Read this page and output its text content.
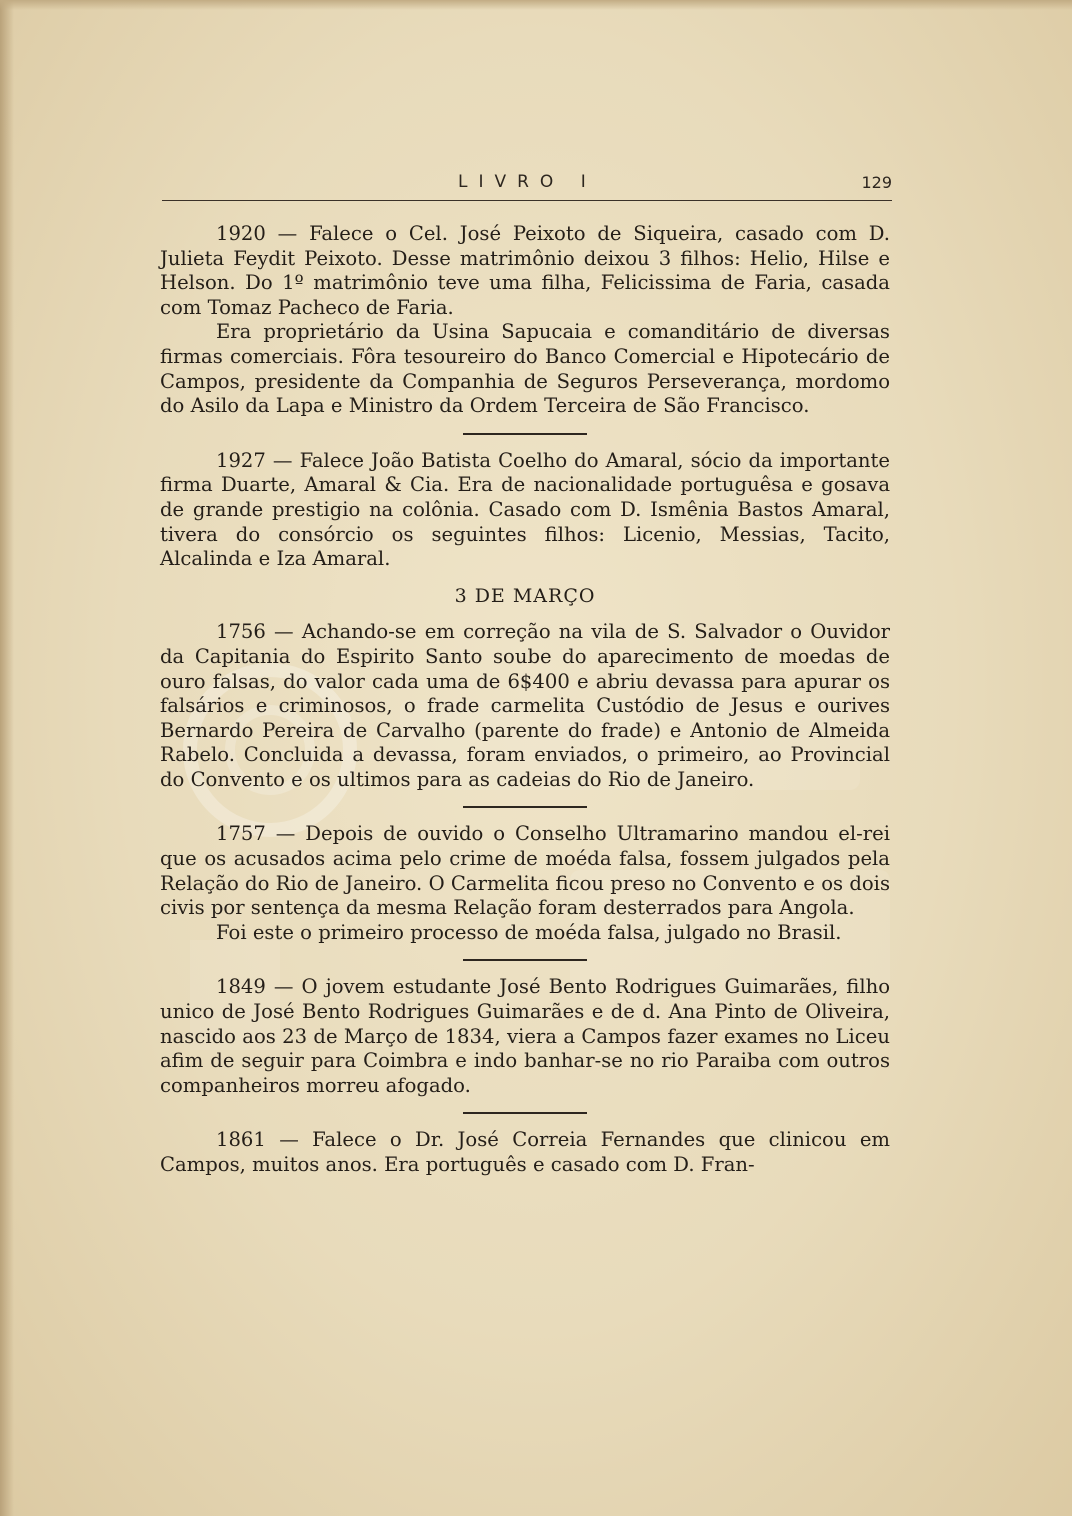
LIVRO I	129

1920 — Falece o Cel. José Peixoto de Siqueira, casado com D. Julieta Feydit Peixoto. Desse matrimônio deixou 3 filhos: Helio, Hilse e Helson. Do 1º matrimônio teve uma filha, Felicissima de Faria, casada com Tomaz Pacheco de Faria.

Era proprietário da Usina Sapucaia e comanditário de diversas firmas comerciais. Fôra tesoureiro do Banco Comercial e Hipotecário de Campos, presidente da Companhia de Seguros Perseverança, mordomo do Asilo da Lapa e Ministro da Ordem Terceira de São Francisco.

1927 — Falece João Batista Coelho do Amaral, sócio da importante firma Duarte, Amaral & Cia. Era de nacionalidade portuguêsa e gosava de grande prestigio na colônia. Casado com D. Ismênia Bastos Amaral, tivera do consórcio os seguintes filhos: Licenio, Messias, Tacito, Alcalinda e Iza Amaral.

3 DE MARÇO

1756 — Achando-se em correção na vila de S. Salvador o Ouvidor da Capitania do Espirito Santo soube do aparecimento de moedas de ouro falsas, do valor cada uma de 6$400 e abriu devassa para apurar os falsários e criminosos, o frade carmelita Custódio de Jesus e ourives Bernardo Pereira de Carvalho (parente do frade) e Antonio de Almeida Rabelo. Concluida a devassa, foram enviados, o primeiro, ao Provincial do Convento e os ultimos para as cadeias do Rio de Janeiro.

1757 — Depois de ouvido o Conselho Ultramarino mandou el-rei que os acusados acima pelo crime de moéda falsa, fossem julgados pela Relação do Rio de Janeiro. O Carmelita ficou preso no Convento e os dois civis por sentença da mesma Relação foram desterrados para Angola.

Foi este o primeiro processo de moéda falsa, julgado no Brasil.

1849 — O jovem estudante José Bento Rodrigues Guimarães, filho unico de José Bento Rodrigues Guimarães e de d. Ana Pinto de Oliveira, nascido aos 23 de Março de 1834, viera a Campos fazer exames no Liceu afim de seguir para Coimbra e indo banhar-se no rio Paraiba com outros companheiros morreu afogado.

1861 — Falece o Dr. José Correia Fernandes que clinicou em Campos, muitos anos. Era português e casado com D. Fran-
